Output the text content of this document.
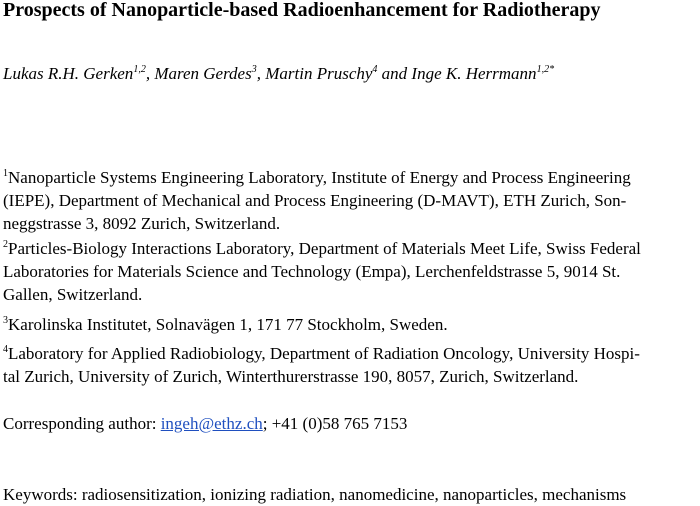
Prospects of Nanoparticle-based Radioenhancement for Radiotherapy
Lukas R.H. Gerken$^{1,2}$, Maren Gerdes$^3$, Martin Pruschy$^4$ and Inge K. Herrmann$^{1,2*}$

$^1$Nanoparticle Systems Engineering Laboratory, Institute of Energy and Process Engineering
(IEPE), Department of Mechanical and Process Engineering (D-MAVT), ETH Zurich, Son-
neggstrasse 3, 8092 Zurich, Switzerland.

$^2$Particles-Biology Interactions Laboratory, Department of Materials Meet Life, Swiss Federal
Laboratories for Materials Science and Technology (Empa), Lerchenfeldstrasse 5, 9014 St.
Gallen, Switzerland.

$^3$Karolinska Institutet, Solnavägen 1, 171 77 Stockholm, Sweden.

$^4$Laboratory for Applied Radiobiology, Department of Radiation Oncology, University Hospi-
tal Zurich, University of Zurich, Winterthurerstrasse 190, 8057, Zurich, Switzerland.

Corresponding author: ingeh@ethz.ch; +41 (0)58 765 7153
Keywords: radiosensitization, ionizing radiation, nanomedicine, nanoparticles, mechanisms
